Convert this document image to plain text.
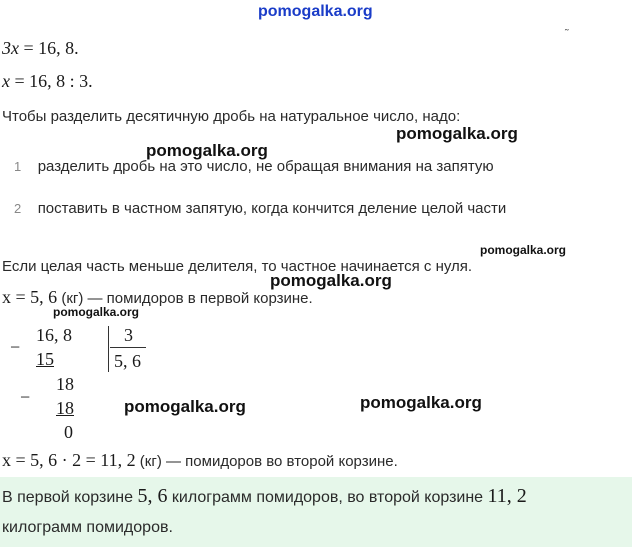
pomogalka.org
˜
3x = 16, 8.
x = 16, 8 : 3.
Чтобы разделить десятичную дробь на натуральное число, надо:
pomogalka.org
pomogalka.org
1 разделить дробь на это число, не обращая внимания на запятую
2 поставить в частном запятую, когда кончится деление целой части
pomogalka.org
Если целая часть меньше делителя, то частное начинается с нуля.
pomogalka.org
x = 5, 6 (кг) — помидоров в первой корзине.
pomogalka.org
−
16, 8
15
3
5, 6
−
18
18
0
pomogalka.org	pomogalka.org
x = 5, 6 · 2 = 11, 2 (кг) — помидоров во второй корзине.
В первой корзине 5, 6 килограмм помидоров, во второй корзине 11, 2
килограмм помидоров.
